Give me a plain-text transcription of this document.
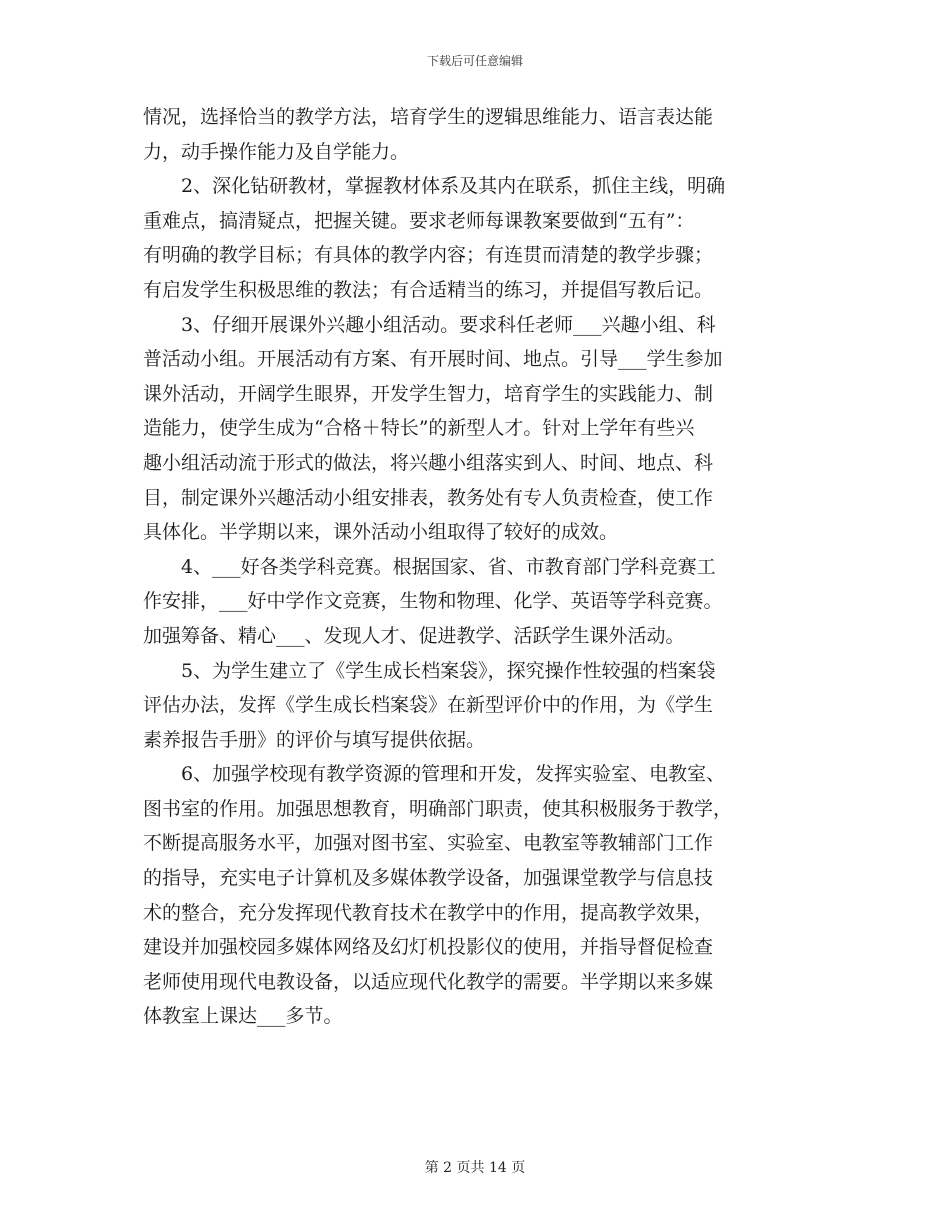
下载后可任意编辑
情况，选择恰当的教学方法，培育学生的逻辑思维能力、语言表达能
力，动手操作能力及自学能力。
2、深化钻研教材，掌握教材体系及其内在联系，抓住主线，明确
重难点，搞清疑点，把握关键。要求老师每课教案要做到“五有”：
有明确的教学目标；有具体的教学内容；有连贯而清楚的教学步骤；
有启发学生积极思维的教法；有合适精当的练习，并提倡写教后记。
3、仔细开展课外兴趣小组活动。要求科任老师___兴趣小组、科
普活动小组。开展活动有方案、有开展时间、地点。引导___学生参加
课外活动，开阔学生眼界，开发学生智力，培育学生的实践能力、制
造能力，使学生成为“合格＋特长”的新型人才。针对上学年有些兴
趣小组活动流于形式的做法，将兴趣小组落实到人、时间、地点、科
目，制定课外兴趣活动小组安排表，教务处有专人负责检查，使工作
具体化。半学期以来，课外活动小组取得了较好的成效。
4、___好各类学科竞赛。根据国家、省、市教育部门学科竞赛工
作安排，___好中学作文竞赛，生物和物理、化学、英语等学科竞赛。
加强筹备、精心___、发现人才、促进教学、活跃学生课外活动。
5、为学生建立了《学生成长档案袋》，探究操作性较强的档案袋
评估办法，发挥《学生成长档案袋》在新型评价中的作用，为《学生
素养报告手册》的评价与填写提供依据。
6、加强学校现有教学资源的管理和开发，发挥实验室、电教室、
图书室的作用。加强思想教育，明确部门职责，使其积极服务于教学，
不断提高服务水平，加强对图书室、实验室、电教室等教辅部门工作
的指导，充实电子计算机及多媒体教学设备，加强课堂教学与信息技
术的整合，充分发挥现代教育技术在教学中的作用，提高教学效果，
建设并加强校园多媒体网络及幻灯机投影仪的使用，并指导督促检查
老师使用现代电教设备，以适应现代化教学的需要。半学期以来多媒
体教室上课达___多节。
第 2 页共 14 页
